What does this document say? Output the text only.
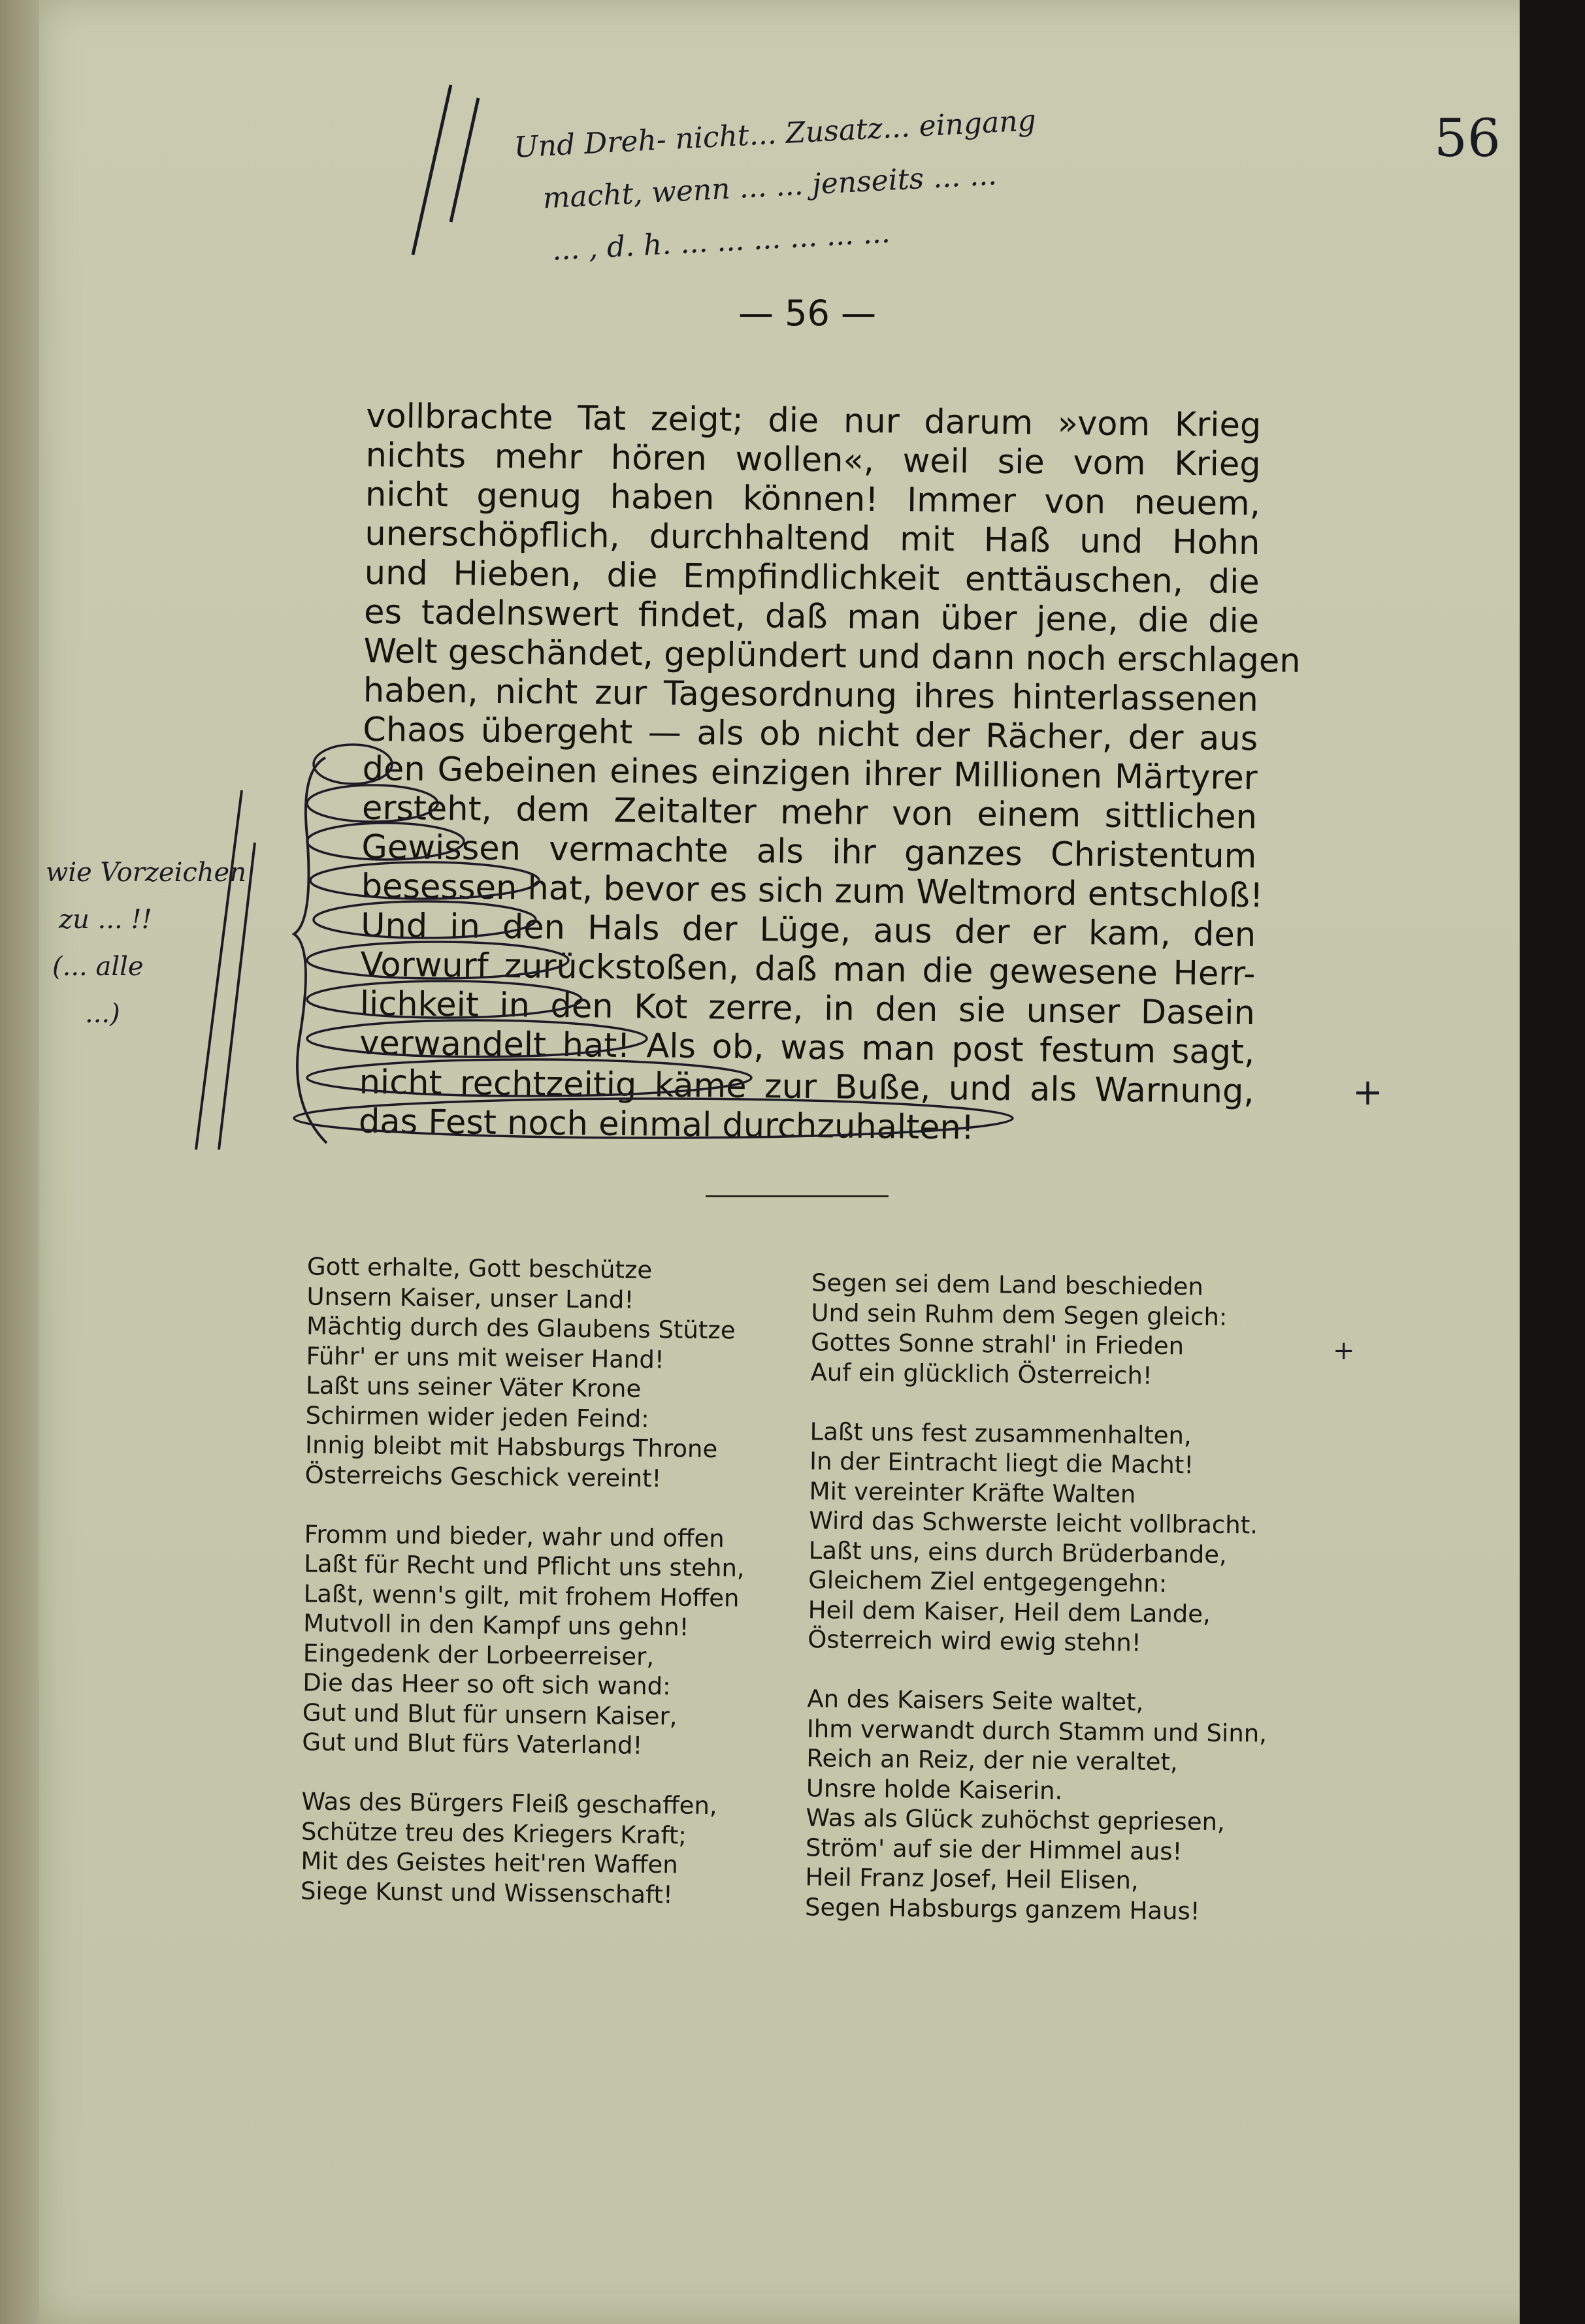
56
Und Dreh- nicht... Zusatz... eingang
macht, wenn ... ... jenseits ... ...
... , d. h. ... ... ... ... ... ...
— 56 —
vollbrachte Tat zeigt; die nur darum »vom Krieg
nichts mehr hören wollen«, weil sie vom Krieg
nicht genug haben können! Immer von neuem,
unerschöpflich, durchhaltend mit Haß und Hohn
und Hieben, die Empfindlichkeit enttäuschen, die
es tadelnswert findet, daß man über jene, die die
Welt geschändet, geplündert und dann noch erschlagen
haben, nicht zur Tagesordnung ihres hinterlassenen
Chaos übergeht — als ob nicht der Rächer, der aus
den Gebeinen eines einzigen ihrer Millionen Märtyrer
ersteht, dem Zeitalter mehr von einem sittlichen
Gewissen vermachte als ihr ganzes Christentum
besessen hat, bevor es sich zum Weltmord entschloß!
Und in den Hals der Lüge, aus der er kam, den
Vorwurf zurückstoßen, daß man die gewesene Herr-
lichkeit in den Kot zerre, in den sie unser Dasein
verwandelt hat! Als ob, was man post festum sagt,
nicht rechtzeitig käme zur Buße, und als Warnung,
das Fest noch einmal durchzuhalten!
wie Vorzeichen
zu ... !!
(... alle
...)
+
+
Gott erhalte, Gott beschütze
Unsern Kaiser, unser Land!
Mächtig durch des Glaubens Stütze
Führ' er uns mit weiser Hand!
Laßt uns seiner Väter Krone
Schirmen wider jeden Feind:
Innig bleibt mit Habsburgs Throne
Österreichs Geschick vereint!
Fromm und bieder, wahr und offen
Laßt für Recht und Pflicht uns stehn,
Laßt, wenn's gilt, mit frohem Hoffen
Mutvoll in den Kampf uns gehn!
Eingedenk der Lorbeerreiser,
Die das Heer so oft sich wand:
Gut und Blut für unsern Kaiser,
Gut und Blut fürs Vaterland!
Was des Bürgers Fleiß geschaffen,
Schütze treu des Kriegers Kraft;
Mit des Geistes heit'ren Waffen
Siege Kunst und Wissenschaft!
Segen sei dem Land beschieden
Und sein Ruhm dem Segen gleich:
Gottes Sonne strahl' in Frieden
Auf ein glücklich Österreich!
Laßt uns fest zusammenhalten,
In der Eintracht liegt die Macht!
Mit vereinter Kräfte Walten
Wird das Schwerste leicht vollbracht.
Laßt uns, eins durch Brüderbande,
Gleichem Ziel entgegengehn:
Heil dem Kaiser, Heil dem Lande,
Österreich wird ewig stehn!
An des Kaisers Seite waltet,
Ihm verwandt durch Stamm und Sinn,
Reich an Reiz, der nie veraltet,
Unsre holde Kaiserin.
Was als Glück zuhöchst gepriesen,
Ström' auf sie der Himmel aus!
Heil Franz Josef, Heil Elisen,
Segen Habsburgs ganzem Haus!
